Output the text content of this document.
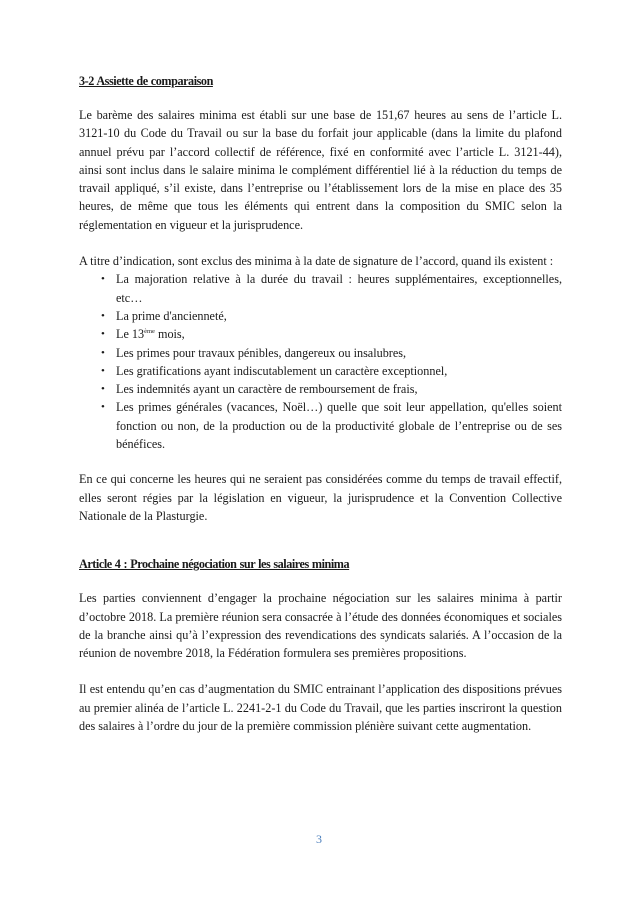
3-2 Assiette de comparaison

Le barème des salaires minima est établi sur une base de 151,67 heures au sens de l’article L. 3121-10 du Code du Travail ou sur la base du forfait jour applicable (dans la limite du plafond annuel prévu par l’accord collectif de référence, fixé en conformité avec l’article L. 3121-44), ainsi sont inclus dans le salaire minima le complément différentiel lié à la réduction du temps de travail appliqué, s’il existe, dans l’entreprise ou l’établissement lors de la mise en place des 35 heures, de même que tous les éléments qui entrent dans la composition du SMIC selon la réglementation en vigueur et la jurisprudence.

A titre d’indication, sont exclus des minima à la date de signature de l’accord, quand ils existent :

• La majoration relative à la durée du travail : heures supplémentaires, exceptionnelles, etc…
• La prime d'ancienneté,
• Le 13ème mois,
• Les primes pour travaux pénibles, dangereux ou insalubres,
• Les gratifications ayant indiscutablement un caractère exceptionnel,
• Les indemnités ayant un caractère de remboursement de frais,
• Les primes générales (vacances, Noël…) quelle que soit leur appellation, qu'elles soient fonction ou non, de la production ou de la productivité globale de l’entreprise ou de ses bénéfices.

En ce qui concerne les heures qui ne seraient pas considérées comme du temps de travail effectif, elles seront régies par la législation en vigueur, la jurisprudence et la Convention Collective Nationale de la Plasturgie.

Article 4 : Prochaine négociation sur les salaires minima

Les parties conviennent d’engager la prochaine négociation sur les salaires minima à partir d’octobre 2018. La première réunion sera consacrée à l’étude des données économiques et sociales de la branche ainsi qu’à l’expression des revendications des syndicats salariés. A l’occasion de la réunion de novembre 2018, la Fédération formulera ses premières propositions.

Il est entendu qu’en cas d’augmentation du SMIC entrainant l’application des dispositions prévues au premier alinéa de l’article L. 2241-2-1 du Code du Travail, que les parties inscriront la question des salaires à l’ordre du jour de la première commission plénière suivant cette augmentation.

3
